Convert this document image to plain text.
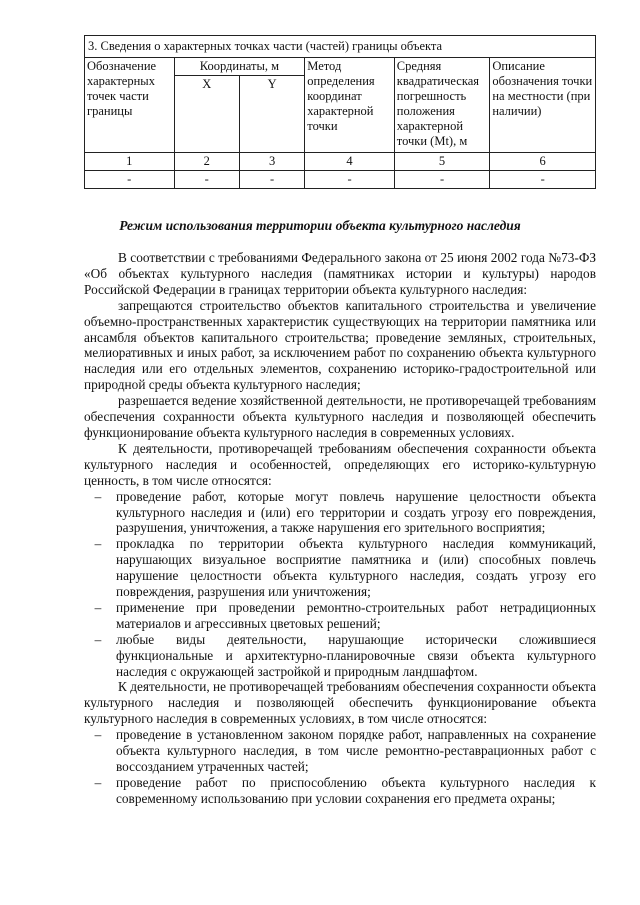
3. Сведения о характерных точках части (частей) границы объекта					
Обозначение характерных точек части границы	Координаты, м		Метод определения координат характерной точки	Средняя квадратическая погрешность положения характерной точки (Mt), м	Описание обозначения точки на местности (при наличии)
	X	Y			
1	2	3	4	5	6
-	-	-	-	-	-
Режим использования территории объекта культурного наследия

В соответствии с требованиями Федерального закона от 25 июня 2002 года №73-ФЗ «Об объектах культурного наследия (памятниках истории и культуры) народов Российской Федерации в границах территории объекта культурного наследия:

запрещаются строительство объектов капитального строительства и увеличение объемно-пространственных характеристик существующих на территории памятника или ансамбля объектов капитального строительства; проведение земляных, строительных, мелиоративных и иных работ, за исключением работ по сохранению объекта культурного наследия или его отдельных элементов, сохранению историко-градостроительной или природной среды объекта культурного наследия;

разрешается ведение хозяйственной деятельности, не противоречащей требованиям обеспечения сохранности объекта культурного наследия и позволяющей обеспечить функционирование объекта культурного наследия в современных условиях.

К деятельности, противоречащей требованиям обеспечения сохранности объекта культурного наследия и особенностей, определяющих его историко-культурную ценность, в том числе относятся:

–	проведение работ, которые могут повлечь нарушение целостности объекта культурного наследия и (или) его территории и создать угрозу его повреждения, разрушения, уничтожения, а также нарушения его зрительного восприятия;
–	прокладка по территории объекта культурного наследия коммуникаций, нарушающих визуальное восприятие памятника и (или) способных повлечь нарушение целостности объекта культурного наследия, создать угрозу его повреждения, разрушения или уничтожения;
–	применение при проведении ремонтно-строительных работ нетрадиционных материалов и агрессивных цветовых решений;
–	любые виды деятельности, нарушающие исторически сложившиеся функциональные и архитектурно-планировочные связи объекта культурного наследия с окружающей застройкой и природным ландшафтом.

К деятельности, не противоречащей требованиям обеспечения сохранности объекта культурного наследия и позволяющей обеспечить функционирование объекта культурного наследия в современных условиях, в том числе относятся:

–	проведение в установленном законом порядке работ, направленных на сохранение объекта культурного наследия, в том числе ремонтно-реставрационных работ с воссозданием утраченных частей;
–	проведение работ по приспособлению объекта культурного наследия к современному использованию при условии сохранения его предмета охраны;
